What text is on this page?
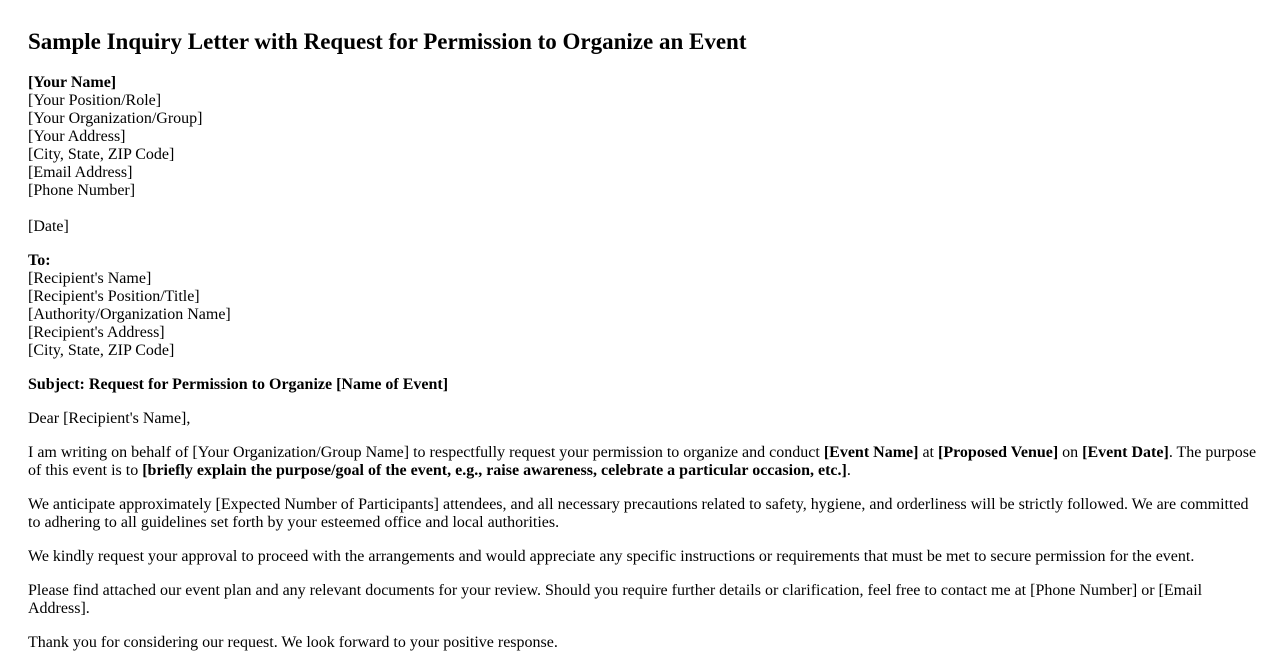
Sample Inquiry Letter with Request for Permission to Organize an Event
[Your Name]
[Your Position/Role]
[Your Organization/Group]
[Your Address]
[City, State, ZIP Code]
[Email Address]
[Phone Number]
[Date]
To:
[Recipient's Name]
[Recipient's Position/Title]
[Authority/Organization Name]
[Recipient's Address]
[City, State, ZIP Code]
Subject: Request for Permission to Organize [Name of Event]
Dear [Recipient's Name],

I am writing on behalf of [Your Organization/Group Name] to respectfully request your permission to organize and conduct [Event Name] at [Proposed Venue] on [Event Date]. The purpose of this event is to [briefly explain the purpose/goal of the event, e.g., raise awareness, celebrate a particular occasion, etc.].

We anticipate approximately [Expected Number of Participants] attendees, and all necessary precautions related to safety, hygiene, and orderliness will be strictly followed. We are committed to adhering to all guidelines set forth by your esteemed office and local authorities.

We kindly request your approval to proceed with the arrangements and would appreciate any specific instructions or requirements that must be met to secure permission for the event.

Please find attached our event plan and any relevant documents for your review. Should you require further details or clarification, feel free to contact me at [Phone Number] or [Email Address].

Thank you for considering our request. We look forward to your positive response.
